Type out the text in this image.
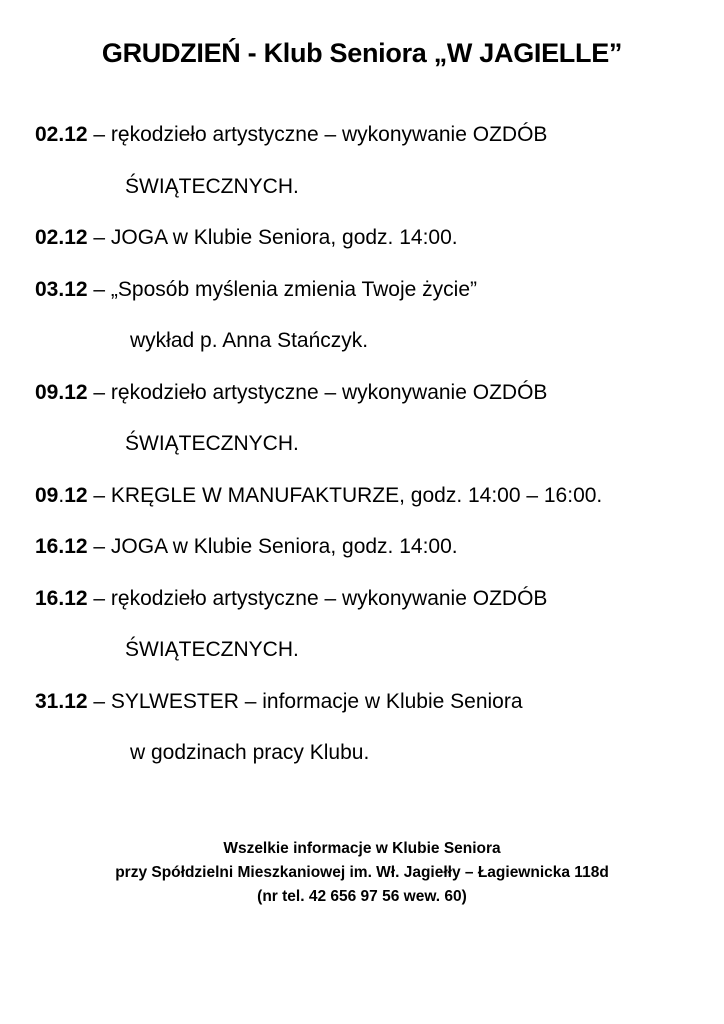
GRUDZIEŃ - Klub Seniora „W JAGIELLE”
02.12 – rękodzieło artystyczne – wykonywanie OZDÓB
ŚWIĄTECZNYCH.
02.12 – JOGA w Klubie Seniora, godz. 14:00.
03.12 – „Sposób myślenia zmienia Twoje życie”
wykład p. Anna Stańczyk.
09.12 – rękodzieło artystyczne – wykonywanie OZDÓB
ŚWIĄTECZNYCH.
09.12 – KRĘGLE W MANUFAKTURZE, godz. 14:00 – 16:00.
16.12 – JOGA w Klubie Seniora, godz. 14:00.
16.12 – rękodzieło artystyczne – wykonywanie OZDÓB
ŚWIĄTECZNYCH.
31.12 – SYLWESTER – informacje w Klubie Seniora
w godzinach pracy Klubu.
Wszelkie informacje w Klubie Seniora
przy Spółdzielni Mieszkaniowej im. Wł. Jagiełły – Łagiewnicka 118d
(nr tel. 42 656 97 56 wew. 60)
